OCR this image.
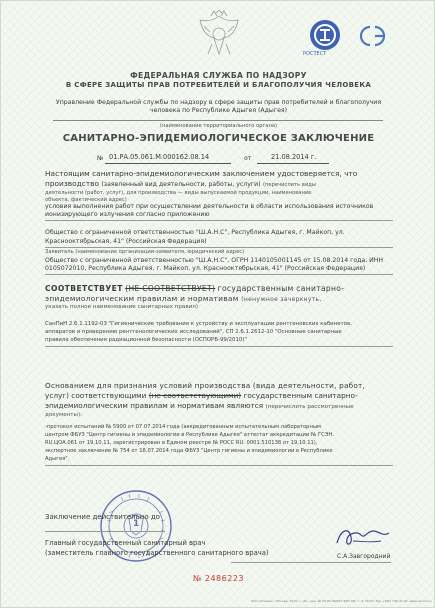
РОСТЕСТ
ФЕДЕРАЛЬНАЯ СЛУЖБА ПО НАДЗОРУ
В СФЕРЕ ЗАЩИТЫ ПРАВ ПОТРЕБИТЕЛЕЙ И БЛАГОПОЛУЧИЯ ЧЕЛОВЕКА
Управление Федеральной службы по надзору в сфере защиты прав потребителей и благополучия
человека по Республике Адыгея (Адыгея)
(наименование территориального органа)
САНИТАРНО-ЭПИДЕМИОЛОГИЧЕСКОЕ ЗАКЛЮЧЕНИЕ
№ 01.РА.05.061.М.000162.08.14	от	21.08.2014 г.
Настоящим санитарно-эпидемиологическим заключением удостоверяется, что
производство (заявленный вид деятельности, работы, услуги) (перечислить виды
деятельности (работ, услуг), для производства — виды выпускаемой продукции, наименование
объекта, фактический адрес)
условия выполнения работ при осуществлении деятельности в области использования источников
ионизирующего излучения согласно приложению
Общество с ограниченной ответственностью "Ш.А.Н.С", Республика Адыгея, г. Майкоп, ул.
Краснооктябрьская, 41" (Российская Федерация)
Заявитель (наименование организации-заявителя, юридический адрес)
Общество с ограниченной ответственностью "Ш.А.Н.С", ОГРН 1140105001145 от 15.08.2014 года, ИНН
0105072010, Республика Адыгея, г. Майкоп, ул. Краснооктябрьская, 41" (Российская Федерация)
СООТВЕТСТВУЕТ (НЕ СООТВЕТСТВУЕТ) государственным санитарно-
эпидемиологическим правилам и нормативам (ненужное зачеркнуть,
указать полное наименование санитарных правил)
СанПиН 2.6.1.1192-03 "Гигиенические требования к устройству и эксплуатации рентгеновских кабинетов,
аппаратов и проведению рентгенологических исследований", СП 2.6.1.2612-10 "Основные санитарные
правила обеспечения радиационной безопасности (ОСПОРБ-99/2010)"
Основанием для признания условий производства (вида деятельности, работ,
услуг) соответствующими (не соответствующими) государственным санитарно-
эпидемиологическим правилам и нормативам являются (перечислить рассмотренные
документы):
-протокол испытаний № 5900 от 07.07.2014 года (аккредитованным испытательным лабораторным
центром ФБУЗ "Центр гигиены и эпидемиологии в Республике Адыгея" аттестат аккредитации № ГСЭН.
RU.ЦОА.061 от 19.10.11, зарегистрирован в Едином реестре № РОСС RU. 0001.510138 от 19.10.11),
экспертное заключение № 754 от 18.07.2014 года ФБУЗ "Центр гигиены и эпидемиологии в Республике
Адыгея".
1
Заключение действительно до
Главный государственный санитарный врач
(заместитель главного государственного санитарного врача)	С.А.Завгородний
№ 2486223
ЗАО «Опцион», Москва, 2014 г., «Б», лиц. № 05-05-09/003 ФНС РФ, т. 3, 29-33, Тел. (495) 726-47-42, www.opcion.ru
